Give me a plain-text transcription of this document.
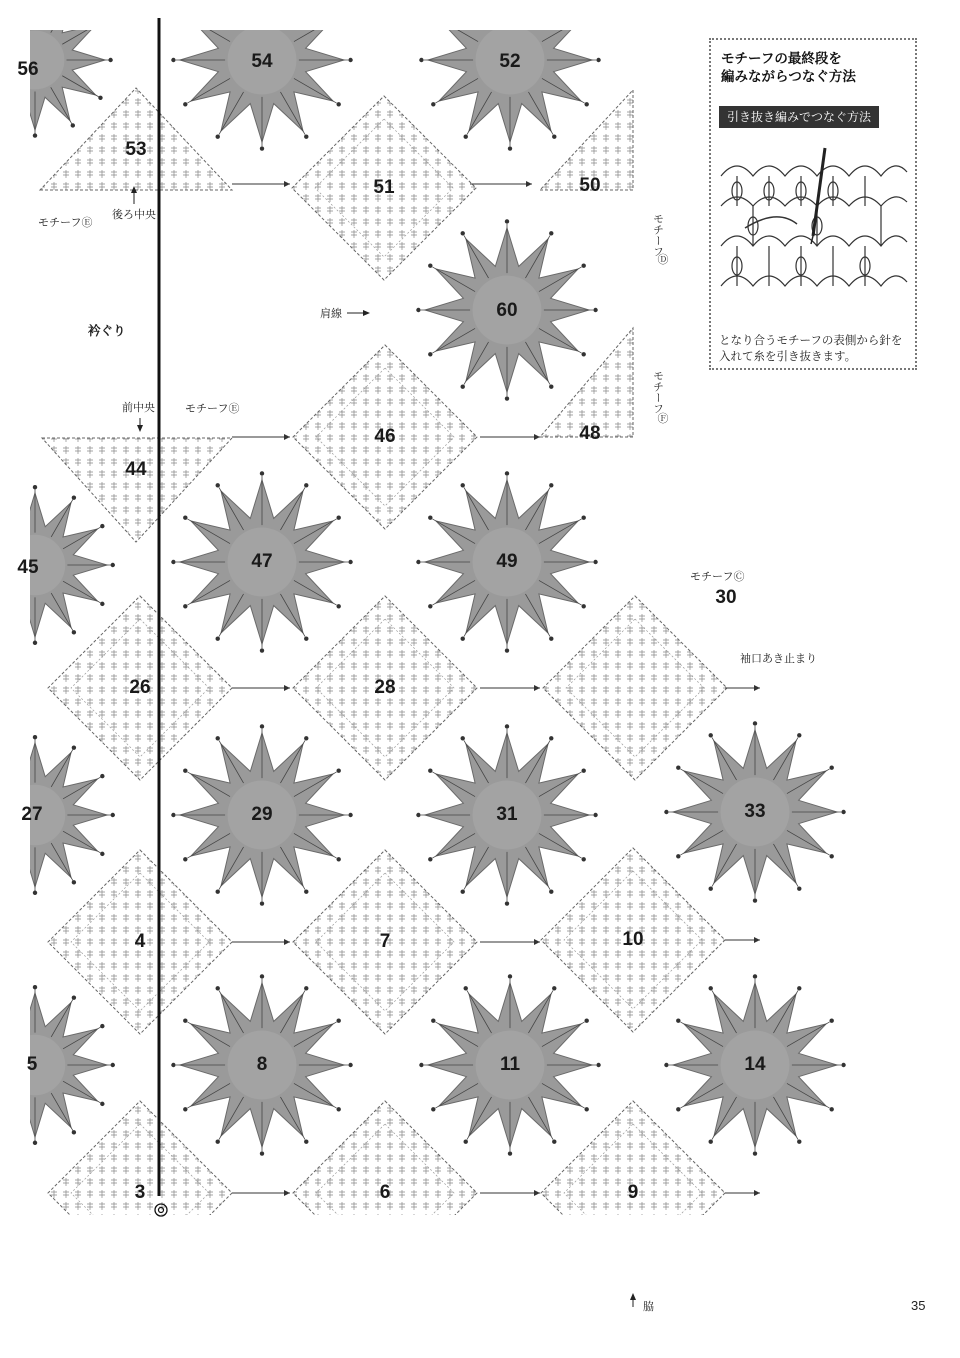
モチーフⒺ
後ろ中央	モチーフ
Ⓓ
肩線
衿ぐり
前中央	モチーフⒺ	モチーフ
Ⓕ
モチーフⒸ
袖口あき止まり
脇	35
56	54	52
53
51	50
60
46	48
44
45	47	49
30
26	28
27	29	31	33
4	7	10
5	8	11	14
3	6	9
モチーフの最終段を
編みながらつなぐ方法
引き抜き編みでつなぐ方法
となり合うモチーフの表側から針を入れて糸を引き抜きます。
